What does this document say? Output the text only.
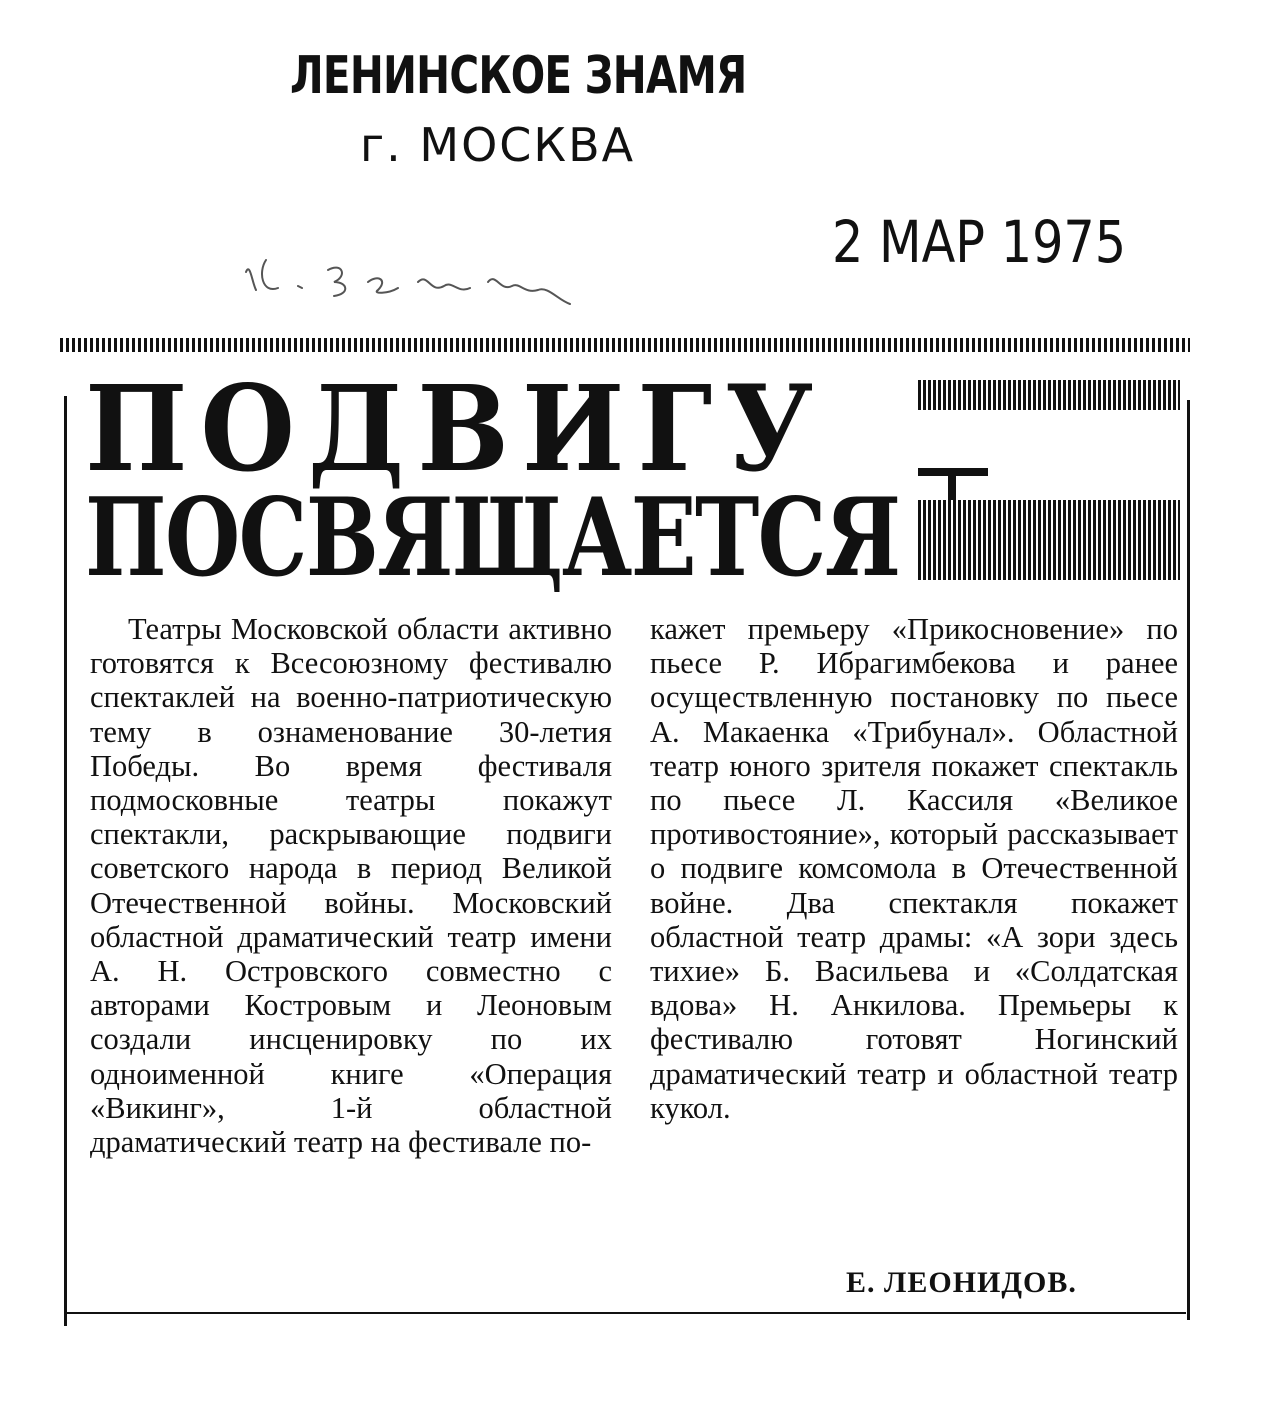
ЛЕНИНСКОЕ ЗНАМЯ
г. МОСКВА
2 МАР 1975
ПОДВИГУ
ПОСВЯЩАЕТСЯ

Театры Московской области активно готовятся к Всесоюзному фестивалю спектаклей на военно-патриотическую тему в ознаменование 30-летия Победы. Во время фестиваля подмосковные театры покажут спектакли, раскрывающие подвиги советского народа в период Великой Отечественной войны. Московский областной драматический театр имени А. Н. Островского совместно с авторами Костровым и Леоновым создали инсценировку по их одноименной книге «Операция «Викинг», 1-й областной драматический театр на фестивале по-

кажет премьеру «Прикосновение» по пьесе Р. Ибрагимбекова и ранее осуществленную постановку по пьесе А. Макаенка «Трибунал». Областной театр юного зрителя покажет спектакль по пьесе Л. Кассиля «Великое противостояние», который рассказывает о подвиге комсомола в Отечественной войне. Два спектакля покажет областной театр драмы: «А зори здесь тихие» Б. Васильева и «Солдатская вдова» Н. Анкилова. Премьеры к фестивалю готовят Ногинский драматический театр и областной театр кукол.

Е. ЛЕОНИДОВ.
